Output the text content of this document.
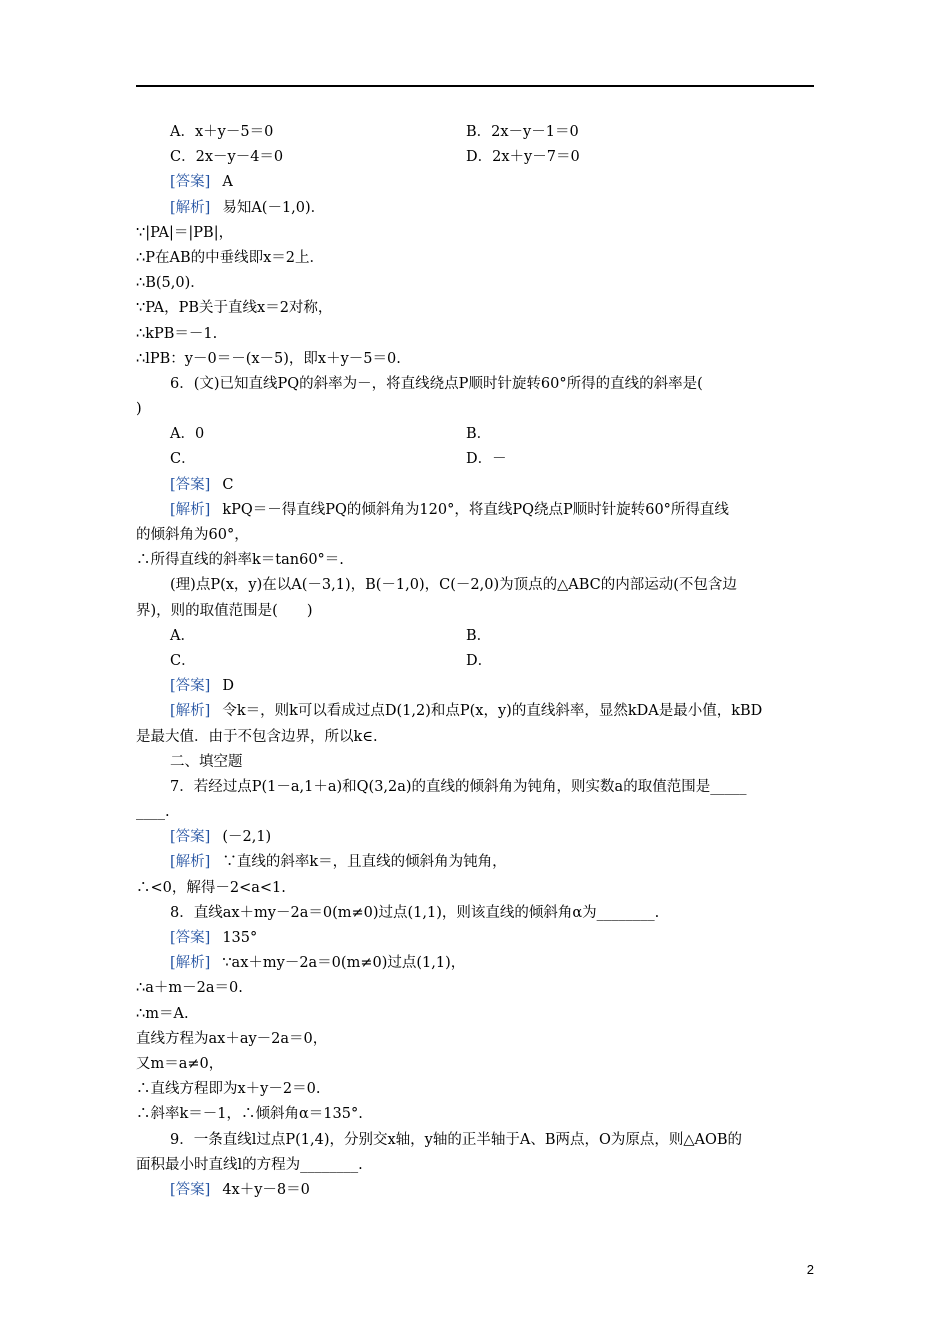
A．x＋y－5＝0	B．2x－y－1＝0
C．2x－y－4＝0	D．2x＋y－7＝0
[答案] A
[解析] 易知A(－1,0)．
∵|PA|＝|PB|，
∴P在AB的中垂线即x＝2上．
∴B(5,0)．
∵PA，PB关于直线x＝2对称，
∴kPB＝－1.
∴lPB：y－0＝－(x－5)，即x＋y－5＝0.
6．(文)已知直线PQ的斜率为－，将直线绕点P顺时针旋转60°所得的直线的斜率是(
)
A．0	B．
C．	D．－
[答案] C
[解析] kPQ＝－得直线PQ的倾斜角为120°，将直线PQ绕点P顺时针旋转60°所得直线
的倾斜角为60°，
∴所得直线的斜率k＝tan60°＝.
(理)点P(x，y)在以A(－3,1)，B(－1,0)，C(－2,0)为顶点的△ABC的内部运动(不包含边
界)，则的取值范围是(　　)
A．	B．
C．	D．
[答案] D
[解析] 令k＝，则k可以看成过点D(1,2)和点P(x，y)的直线斜率，显然kDA是最小值，kBD
是最大值．由于不包含边界，所以k∈.
二、填空题
7．若经过点P(1－a,1＋a)和Q(3,2a)的直线的倾斜角为钝角，则实数a的取值范围是_____
____.
[答案] (－2,1)
[解析] ∵直线的斜率k＝，且直线的倾斜角为钝角，
∴<0，解得－2<a<1.
8．直线ax＋my－2a＝0(m≠0)过点(1,1)，则该直线的倾斜角α为________.
[答案] 135°
[解析] ∵ax＋my－2a＝0(m≠0)过点(1,1)，
∴a＋m－2a＝0.
∴m＝A.
直线方程为ax＋ay－2a＝0，
又m＝a≠0，
∴直线方程即为x＋y－2＝0.
∴斜率k＝－1，∴倾斜角α＝135°.
9．一条直线l过点P(1,4)，分别交x轴，y轴的正半轴于A、B两点，O为原点，则△AOB的
面积最小时直线l的方程为________.
[答案] 4x＋y－8＝0
2
